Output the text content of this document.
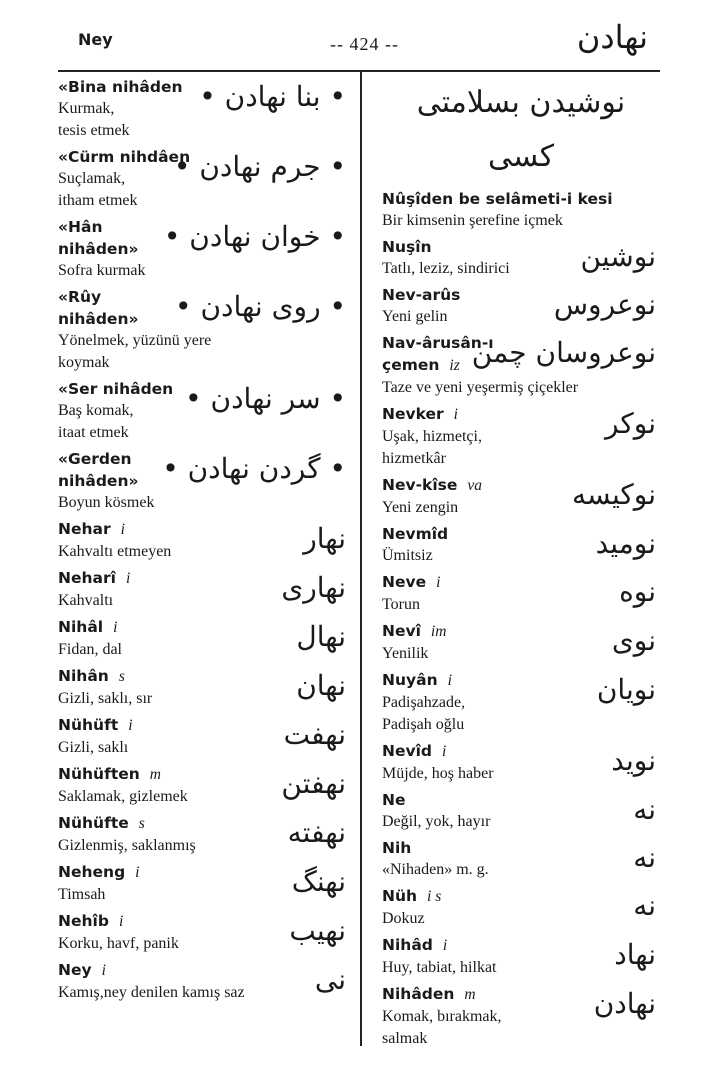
Ney	-- 424 --	نهادن
«Bina nihâden
Kurmak,
tesis etmek
• بنا نهادن •
«Cürm nihdâen
Suçlamak,
itham etmek
• جرم نهادن •
«Hân
nihâden»
Sofra kurmak
• خوان نهادن •
«Rûy
nihâden»
Yönelmek, yüzünü yere
koymak
• روی نهادن •
«Ser nihâden
Baş komak,
itaat etmek
• سر نهادن •
«Gerden
nihâden»
Boyun kösmek
• گردن نهادن •
Nehar i
Kahvaltı etmeyen	نهار
Neharî i
Kahvaltı	نهاری
Nihâl i
Fidan, dal	نهال
Nihân s
Gizli, saklı, sır	نهان
Nühüft i
Gizli, saklı	نهفت
Nühüften m
Saklamak, gizlemek	نهفتن
Nühüfte s
Gizlenmiş, saklanmış	نهفته
Neheng i
Timsah	نهنگ
Nehîb i
Korku, havf, panik	نهیب
Ney i
Kamış,ney denilen kamış saz	نی
نوشیدن بسلامتی کسی
Nûşîden be selâmeti-i kesi
Bir kimsenin şerefine içmek
Nuşîn
Tatlı, leziz, sindirici	نوشین
Nev-arûs
Yeni gelin	نوعروس
Nav-ârusân-ı
çemen iz
Taze ve yeni yeşermiş çiçekler
نوعروسان چمن
Nevker i
Uşak, hizmetçi,
hizmetkâr
نوکر
Nev-kîse va
Yeni zengin	نوکیسه
Nevmîd
Ümitsiz	نومید
Neve i
Torun	نوه
Nevî im
Yenilik	نوی
Nuyân i
Padişahzade,
Padişah oğlu
نویان
Nevîd i
Müjde, hoş haber	نوید
Ne
Değil, yok, hayır	نه
Nih
«Nihaden» m. g.	نه
Nüh i s
Dokuz	نه
Nihâd i
Huy, tabiat, hilkat	نهاد
Nihâden m
Komak, bırakmak,
salmak
نهادن
